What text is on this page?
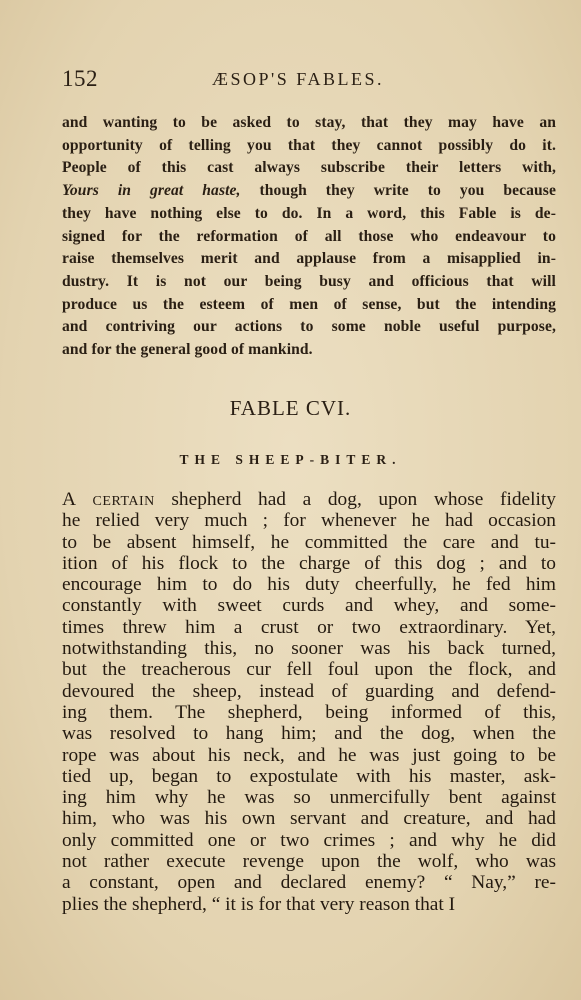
152	ÆSOP'S FABLES.
and wanting to be asked to stay, that they may have an
opportunity of telling you that they cannot possibly do it.
People of this cast always subscribe their letters with,
Yours in great haste, though they write to you because
they have nothing else to do. In a word, this Fable is de-
signed for the reformation of all those who endeavour to
raise themselves merit and applause from a misapplied in-
dustry. It is not our being busy and officious that will
produce us the esteem of men of sense, but the intending
and contriving our actions to some noble useful purpose,
and for the general good of mankind.
FABLE CVI.
THE SHEEP-BITER.
A certain shepherd had a dog, upon whose fidelity
he relied very much ; for whenever he had occasion
to be absent himself, he committed the care and tu-
ition of his flock to the charge of this dog ; and to
encourage him to do his duty cheerfully, he fed him
constantly with sweet curds and whey, and some-
times threw him a crust or two extraordinary. Yet,
notwithstanding this, no sooner was his back turned,
but the treacherous cur fell foul upon the flock, and
devoured the sheep, instead of guarding and defend-
ing them. The shepherd, being informed of this,
was resolved to hang him; and the dog, when the
rope was about his neck, and he was just going to be
tied up, began to expostulate with his master, ask-
ing him why he was so unmercifully bent against
him, who was his own servant and creature, and had
only committed one or two crimes ; and why he did
not rather execute revenge upon the wolf, who was
a constant, open and declared enemy? “ Nay,” re-
plies the shepherd, “ it is for that very reason that I
